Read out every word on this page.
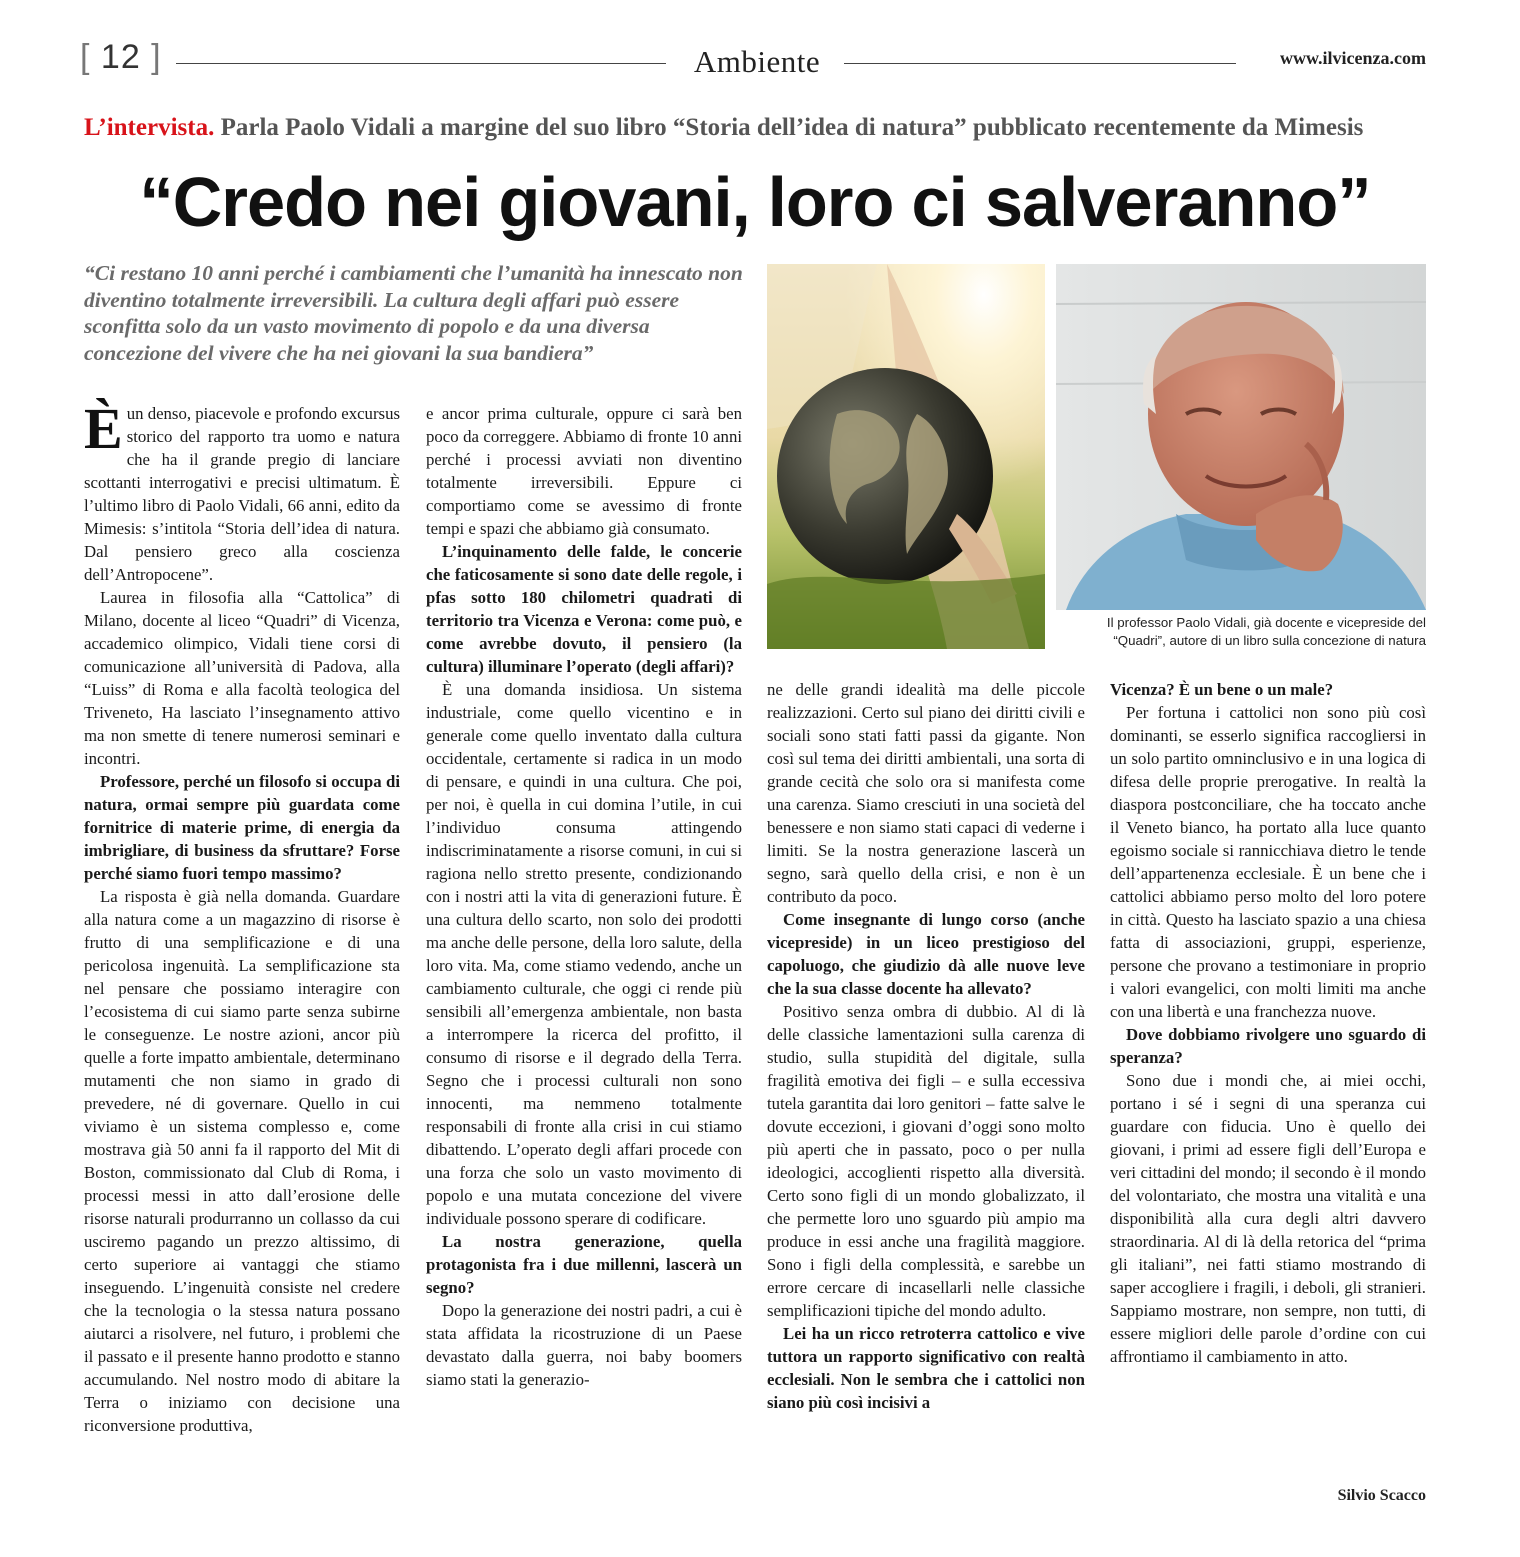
[ 12 ]	Ambiente	www.ilvicenza.com
L’intervista. Parla Paolo Vidali a margine del suo libro “Storia dell’idea di natura” pubblicato recentemente da Mimesis
“Credo nei giovani, loro ci salveranno”
“Ci restano 10 anni perché i cambiamenti che l’umanità ha innescato non diventino totalmente irreversibili. La cultura degli affari può essere sconfitta solo da un vasto movimento di popolo e da una diversa concezione del vivere che ha nei giovani la sua bandiera”
Il professor Paolo Vidali, già docente e vicepreside del “Quadri”, autore di un libro sulla concezione di natura

Èun denso, piacevole e profondo excursus storico del rapporto tra uomo e natura che ha il grande pregio di lanciare scottanti interrogativi e precisi ultimatum. È l’ultimo libro di Paolo Vidali, 66 anni, edito da Mimesis: s’intitola “Storia dell’idea di natura. Dal pensiero greco alla coscienza dell’Antropocene”.

Laurea in filosofia alla “Cattolica” di Milano, docente al liceo “Quadri” di Vicenza, accademico olimpico, Vidali tiene corsi di comunicazione all’università di Padova, alla “Luiss” di Roma e alla facoltà teologica del Triveneto, Ha lasciato l’insegnamento attivo ma non smette di tenere numerosi seminari e incontri.

Professore, perché un filosofo si occupa di natura, ormai sempre più guardata come fornitrice di materie prime, di energia da imbrigliare, di business da sfruttare? Forse perché siamo fuori tempo massimo?

La risposta è già nella domanda. Guardare alla natura come a un magazzino di risorse è frutto di una semplificazione e di una pericolosa ingenuità. La semplificazione sta nel pensare che possiamo interagire con l’ecosistema di cui siamo parte senza subirne le conseguenze. Le nostre azioni, ancor più quelle a forte impatto ambientale, determinano mutamenti che non siamo in grado di prevedere, né di governare. Quello in cui viviamo è un sistema complesso e, come mostrava già 50 anni fa il rapporto del Mit di Boston, commissionato dal Club di Roma, i processi messi in atto dall’erosione delle risorse naturali produrranno un collasso da cui usciremo pagando un prezzo altissimo, di certo superiore ai vantaggi che stiamo inseguendo. L’ingenuità consiste nel credere che la tecnologia o la stessa natura possano aiutarci a risolvere, nel futuro, i problemi che il passato e il presente hanno prodotto e stanno accumulando. Nel nostro modo di abitare la Terra o iniziamo con decisione una riconversione produttiva,

e ancor prima culturale, oppure ci sarà ben poco da correggere. Abbiamo di fronte 10 anni perché i processi avviati non diventino totalmente irreversibili. Eppure ci comportiamo come se avessimo di fronte tempi e spazi che abbiamo già consumato.

L’inquinamento delle falde, le concerie che faticosamente si sono date delle regole, i pfas sotto 180 chilometri quadrati di territorio tra Vicenza e Verona: come può, e come avrebbe dovuto, il pensiero (la cultura) illuminare l’operato (degli affari)?

È una domanda insidiosa. Un sistema industriale, come quello vicentino e in generale come quello inventato dalla cultura occidentale, certamente si radica in un modo di pensare, e quindi in una cultura. Che poi, per noi, è quella in cui domina l’utile, in cui l’individuo consuma attingendo indiscriminatamente a risorse comuni, in cui si ragiona nello stretto presente, condizionando con i nostri atti la vita di generazioni future. È una cultura dello scarto, non solo dei prodotti ma anche delle persone, della loro salute, della loro vita. Ma, come stiamo vedendo, anche un cambiamento culturale, che oggi ci rende più sensibili all’emergenza ambientale, non basta a interrompere la ricerca del profitto, il consumo di risorse e il degrado della Terra. Segno che i processi culturali non sono innocenti, ma nemmeno totalmente responsabili di fronte alla crisi in cui stiamo dibattendo. L’operato degli affari procede con una forza che solo un vasto movimento di popolo e una mutata concezione del vivere individuale possono sperare di codificare.

La nostra generazione, quella protagonista fra i due millenni, lascerà un segno?

Dopo la generazione dei nostri padri, a cui è stata affidata la ricostruzione di un Paese devastato dalla guerra, noi baby boomers siamo stati la generazio-

ne delle grandi idealità ma delle piccole realizzazioni. Certo sul piano dei diritti civili e sociali sono stati fatti passi da gigante. Non così sul tema dei diritti ambientali, una sorta di grande cecità che solo ora si manifesta come una carenza. Siamo cresciuti in una società del benessere e non siamo stati capaci di vederne i limiti. Se la nostra generazione lascerà un segno, sarà quello della crisi, e non è un contributo da poco.

Come insegnante di lungo corso (anche vicepreside) in un liceo prestigioso del capoluogo, che giudizio dà alle nuove leve che la sua classe docente ha allevato?

Positivo senza ombra di dubbio. Al di là delle classiche lamentazioni sulla carenza di studio, sulla stupidità del digitale, sulla fragilità emotiva dei figli – e sulla eccessiva tutela garantita dai loro genitori – fatte salve le dovute eccezioni, i giovani d’oggi sono molto più aperti che in passato, poco o per nulla ideologici, accoglienti rispetto alla diversità. Certo sono figli di un mondo globalizzato, il che permette loro uno sguardo più ampio ma produce in essi anche una fragilità maggiore. Sono i figli della complessità, e sarebbe un errore cercare di incasellarli nelle classiche semplificazioni tipiche del mondo adulto.

Lei ha un ricco retroterra cattolico e vive tuttora un rapporto significativo con realtà ecclesiali. Non le sembra che i cattolici non siano più così incisivi a

Vicenza? È un bene o un male?

Per fortuna i cattolici non sono più così dominanti, se esserlo significa raccogliersi in un solo partito omninclusivo e in una logica di difesa delle proprie prerogative. In realtà la diaspora postconciliare, che ha toccato anche il Veneto bianco, ha portato alla luce quanto egoismo sociale si rannicchiava dietro le tende dell’appartenenza ecclesiale. È un bene che i cattolici abbiamo perso molto del loro potere in città. Questo ha lasciato spazio a una chiesa fatta di associazioni, gruppi, esperienze, persone che provano a testimoniare in proprio i valori evangelici, con molti limiti ma anche con una libertà e una franchezza nuove.

Dove dobbiamo rivolgere uno sguardo di speranza?

Sono due i mondi che, ai miei occhi, portano i sé i segni di una speranza cui guardare con fiducia. Uno è quello dei giovani, i primi ad essere figli dell’Europa e veri cittadini del mondo; il secondo è il mondo del volontariato, che mostra una vitalità e una disponibilità alla cura degli altri davvero straordinaria. Al di là della retorica del “prima gli italiani”, nei fatti stiamo mostrando di saper accogliere i fragili, i deboli, gli stranieri. Sappiamo mostrare, non sempre, non tutti, di essere migliori delle parole d’ordine con cui affrontiamo il cambiamento in atto.

Silvio Scacco
